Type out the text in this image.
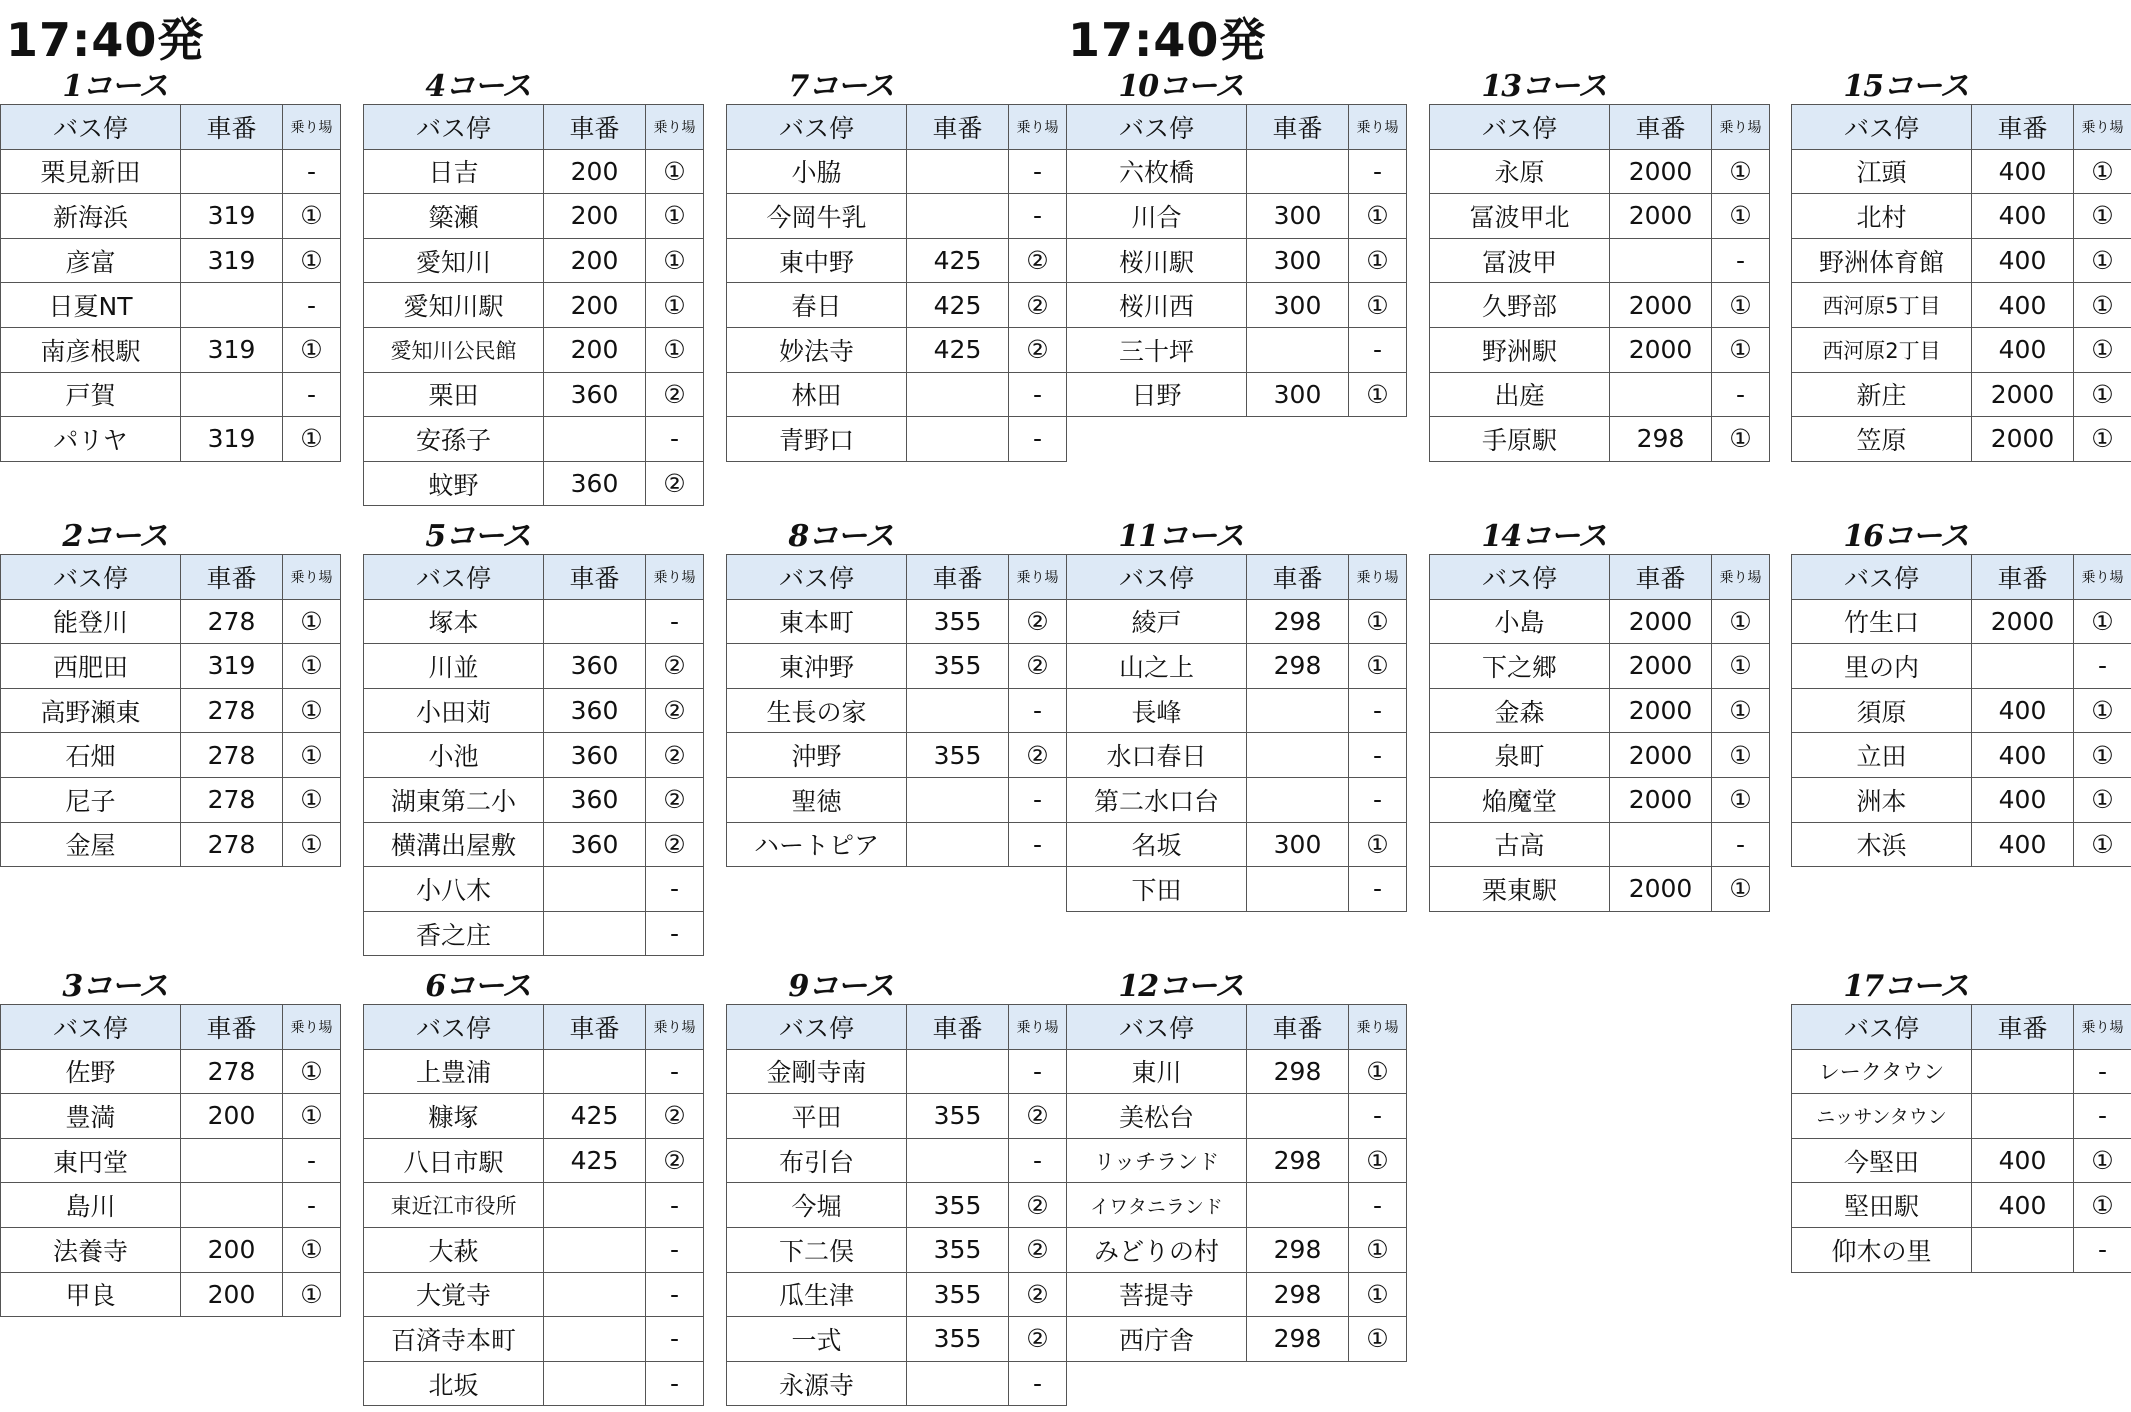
17:40発	17:40発
1コース
バス停	車番	乗り場
栗見新田		-
新海浜	319	①
彦富	319	①
日夏NT		-
南彦根駅	319	①
戸賀		-
パリヤ	319	①
4コース
バス停	車番	乗り場
日吉	200	①
簗瀬	200	①
愛知川	200	①
愛知川駅	200	①
愛知川公民館	200	①
栗田	360	②
安孫子		-
蚊野	360	②
7コース
バス停	車番	乗り場
小脇		-
今岡牛乳		-
東中野	425	②
春日	425	②
妙法寺	425	②
林田		-
青野口		-
10コース
バス停	車番	乗り場
六枚橋		-
川合	300	①
桜川駅	300	①
桜川西	300	①
三十坪		-
日野	300	①
13コース
バス停	車番	乗り場
永原	2000	①
冨波甲北	2000	①
冨波甲		-
久野部	2000	①
野洲駅	2000	①
出庭		-
手原駅	298	①
15コース
バス停	車番	乗り場
江頭	400	①
北村	400	①
野洲体育館	400	①
西河原5丁目	400	①
西河原2丁目	400	①
新庄	2000	①
笠原	2000	①
2コース
バス停	車番	乗り場
能登川	278	①
西肥田	319	①
高野瀬東	278	①
石畑	278	①
尼子	278	①
金屋	278	①
5コース
バス停	車番	乗り場
塚本		-
川並	360	②
小田苅	360	②
小池	360	②
湖東第二小	360	②
横溝出屋敷	360	②
小八木		-
香之庄		-
8コース
バス停	車番	乗り場
東本町	355	②
東沖野	355	②
生長の家		-
沖野	355	②
聖徳		-
ハートピア		-
11コース
バス停	車番	乗り場
綾戸	298	①
山之上	298	①
長峰		-
水口春日		-
第二水口台		-
名坂	300	①
下田		-
14コース
バス停	車番	乗り場
小島	2000	①
下之郷	2000	①
金森	2000	①
泉町	2000	①
焔魔堂	2000	①
古高		-
栗東駅	2000	①
16コース
バス停	車番	乗り場
竹生口	2000	①
里の内		-
須原	400	①
立田	400	①
洲本	400	①
木浜	400	①
3コース
バス停	車番	乗り場
佐野	278	①
豊満	200	①
東円堂		-
島川		-
法養寺	200	①
甲良	200	①
6コース
バス停	車番	乗り場
上豊浦		-
糠塚	425	②
八日市駅	425	②
東近江市役所		-
大萩		-
大覚寺		-
百済寺本町		-
北坂		-
9コース
バス停	車番	乗り場
金剛寺南		-
平田	355	②
布引台		-
今堀	355	②
下二俣	355	②
瓜生津	355	②
一式	355	②
永源寺		-
12コース
バス停	車番	乗り場
東川	298	①
美松台		-
リッチランド	298	①
イワタニランド		-
みどりの村	298	①
菩提寺	298	①
西庁舎	298	①
17コース
バス停	車番	乗り場
レークタウン		-
ニッサンタウン		-
今堅田	400	①
堅田駅	400	①
仰木の里		-
